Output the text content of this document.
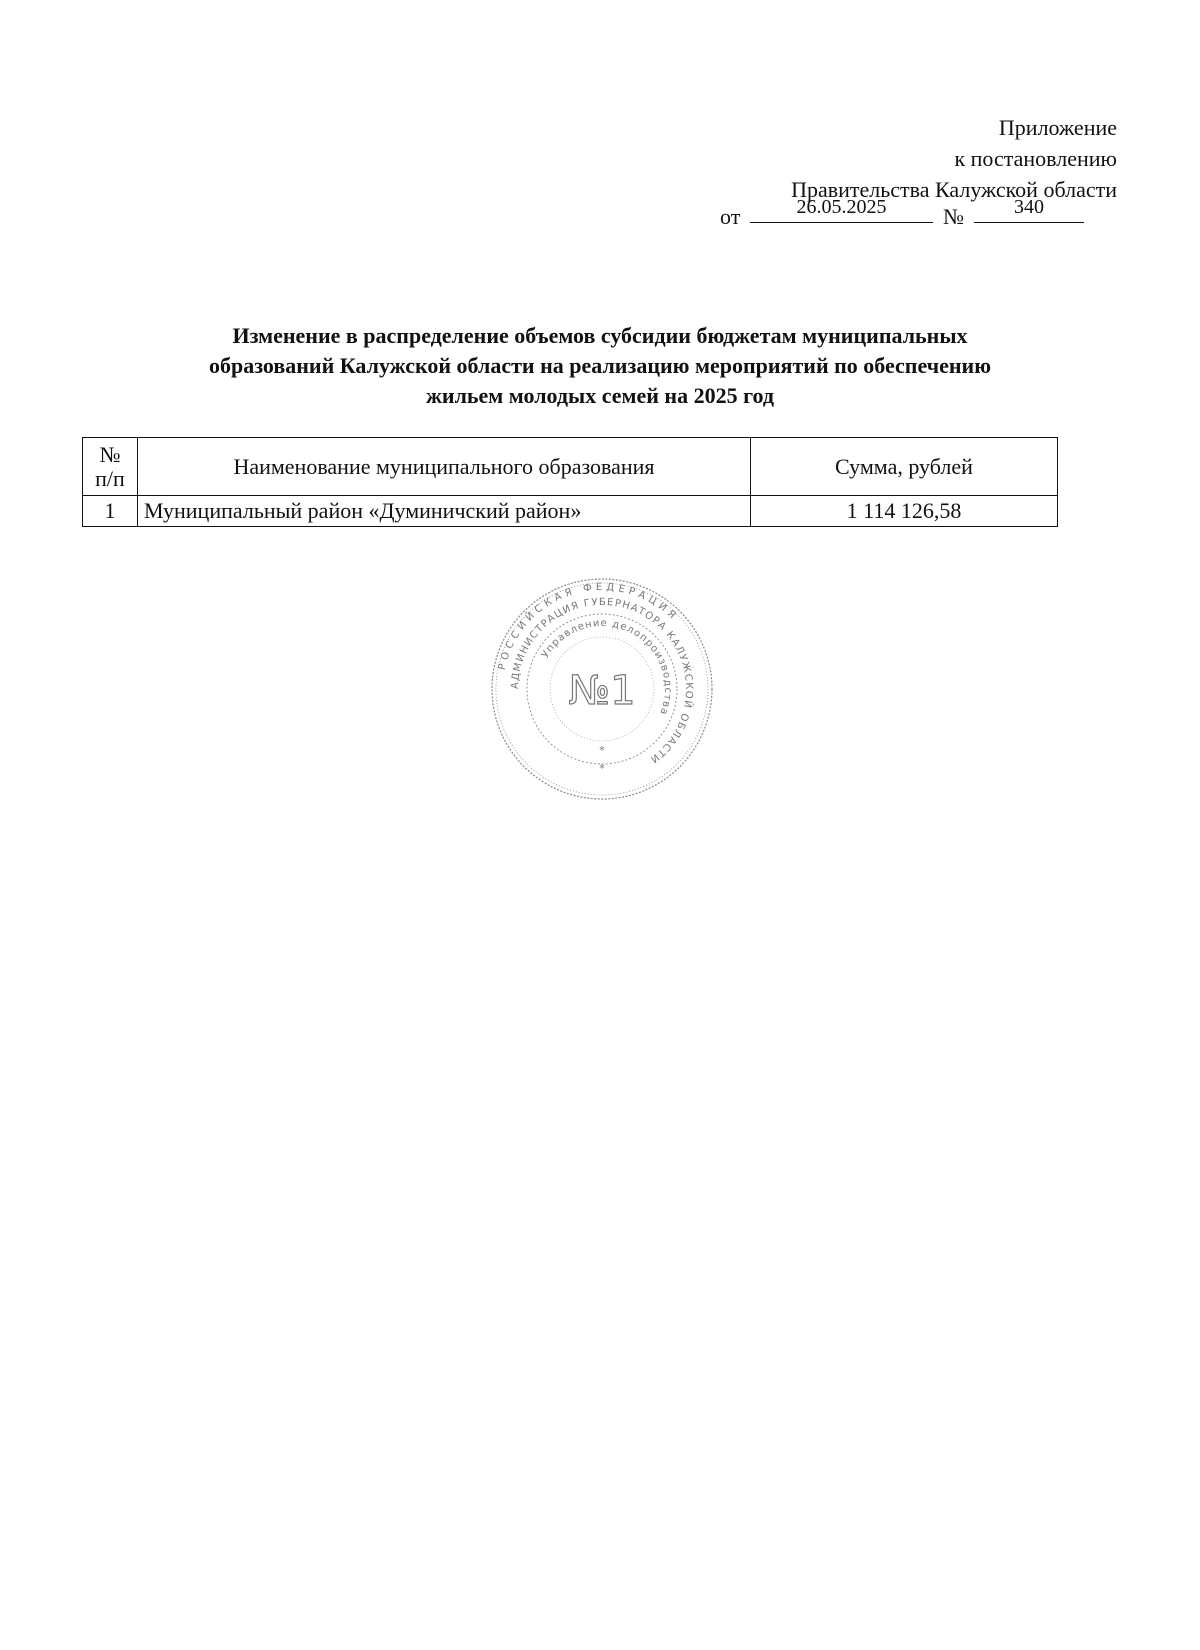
Приложение
к постановлению
Правительства Калужской области
от	26.05.2025	№	340
Изменение в распределение объемов субсидии бюджетам муниципальных
образований Калужской области на реализацию мероприятий по обеспечению
жильем молодых семей на 2025 год
№
п/п	Наименование муниципального образования	Сумма, рублей
1	Муниципальный район «Думиничский район»	1 114 126,58
РОССИЙСКАЯ ФЕДЕРАЦИЯ
АДМИНИСТРАЦИЯ ГУБЕРНАТОРА КАЛУЖСКОЙ ОБЛАСТИ
Управление делопроизводства
№1
*
*
